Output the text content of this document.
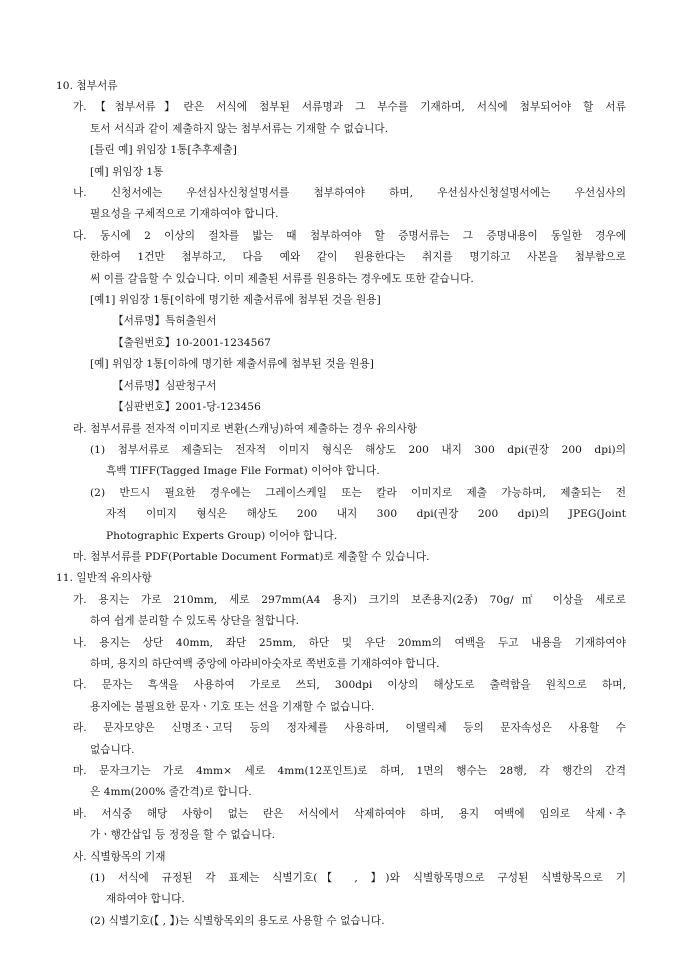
10. 첨부서류
가.【첨부서류】란은 서식에 첨부된 서류명과 그 부수를 기재하며, 서식에 첨부되어야 할 서류
토서 서식과 같이 제출하지 않는 첨부서류는 기재할 수 없습니다.
[틀린 예] 위임장 1통[추후제출]
[예] 위임장 1통
나. 신청서에는 우선심사신청설명서를 첨부하여야 하며, 우선심사신청설명서에는 우선심사의
필요성을 구체적으로 기재하여야 합니다.
다. 동시에 2 이상의 절차를 밟는 때 첨부하여야 할 증명서류는 그 증명내용이 동일한 경우에
한하여 1건만 첨부하고, 다음 예와 같이 원용한다는 취지를 명기하고 사본을 첨부함으로
써 이를 갈음할 수 있습니다. 이미 제출된 서류를 원용하는 경우에도 또한 같습니다.
[예1] 위임장 1통[이하에 명기한 제출서류에 첨부된 것을 원용]
【서류명】특허출원서
【출원번호】10-2001-1234567
[예] 위임장 1통[이하에 명기한 제출서류에 첨부된 것을 원용]
【서류명】심판청구서
【심판번호】2001-당-123456
라. 첨부서류를 전자적 이미지로 변환(스캐닝)하여 제출하는 경우 유의사항
(1) 첨부서류로 제출되는 전자적 이미지 형식은 해상도 200 내지 300 dpi(권장 200 dpi)의
흑백 TIFF(Tagged Image File Format) 이어야 합니다.
(2) 반드시 필요한 경우에는 그레이스케일 또는 칼라 이미지로 제출 가능하며, 제출되는 전
자적 이미지 형식은 해상도 200 내지 300 dpi(권장 200 dpi)의 JPEG(Joint
Photographic Experts Group) 이어야 합니다.
마. 첨부서류를 PDF(Portable Document Format)로 제출할 수 있습니다.
11. 일반적 유의사항
가. 용지는 가로 210mm, 세로 297mm(A4 용지) 크기의 보존용지(2종) 70g/㎡ 이상을 세로로
하여 쉽게 분리할 수 있도록 상단을 철합니다.
나. 용지는 상단 40mm, 좌단 25mm, 하단 및 우단 20mm의 여백을 두고 내용을 기재하여야
하며, 용지의 하단여백 중앙에 아라비아숫자로 쪽번호를 기재하여야 합니다.
다. 문자는 흑색을 사용하여 가로로 쓰되, 300dpi 이상의 해상도로 출력함을 원칙으로 하며,
용지에는 불필요한 문자ㆍ기호 또는 선을 기재할 수 없습니다.
라. 문자모양은 신명조ㆍ고딕 등의 정자체를 사용하며, 이탤릭체 등의 문자속성은 사용할 수
없습니다.
마. 문자크기는 가로 4mm× 세로 4mm(12포인트)로 하며, 1면의 행수는 28행, 각 행간의 간격
은 4mm(200% 줄간격)로 합니다.
바. 서식중 해당 사항이 없는 란은 서식에서 삭제하여야 하며, 용지 여백에 임의로 삭제ㆍ추
가ㆍ행간삽입 등 정정을 할 수 없습니다.
사. 식별항목의 기재
(1) 서식에 규정된 각 표제는 식별기호(【 , 】)와 식별항목명으로 구성된 식별항목으로 기
재하여야 합니다.
(2) 식별기호(【 , 】)는 식별항목외의 용도로 사용할 수 없습니다.
